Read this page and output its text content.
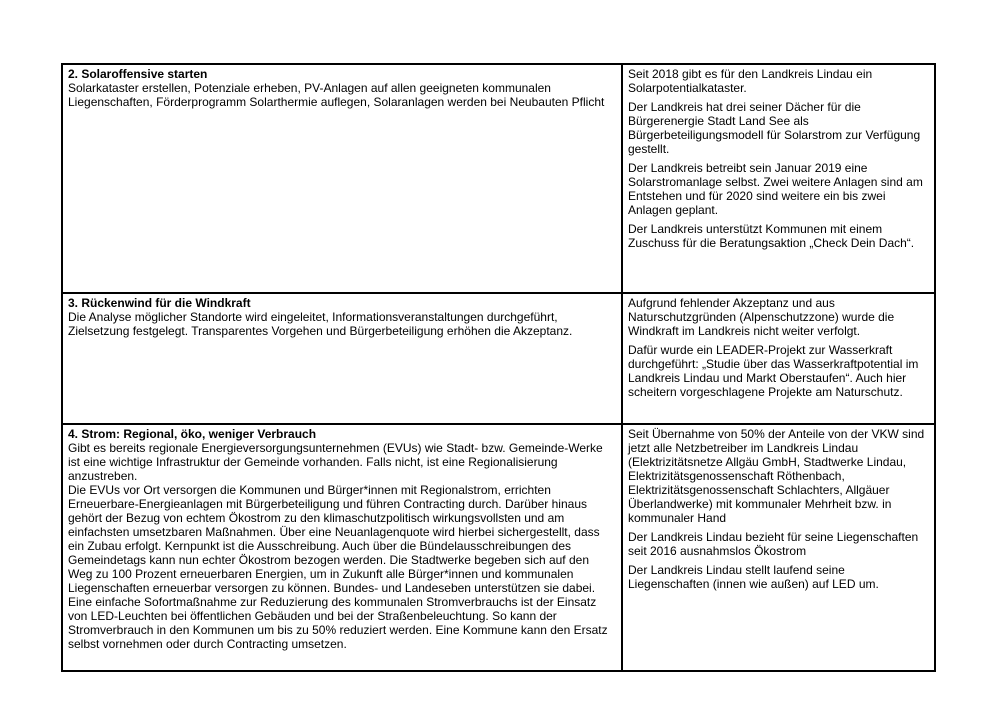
2. Solaroffensive starten

Solarkataster erstellen, Potenziale erheben, PV-Anlagen auf allen geeigneten kommunalen Liegenschaften, Förderprogramm Solarthermie auflegen, Solaranlagen werden bei Neubauten Pflicht

Seit 2018 gibt es für den Landkreis Lindau ein Solarpotentialkataster.

Der Landkreis hat drei seiner Dächer für die Bürgerenergie Stadt Land See als Bürgerbeteiligungsmodell für Solarstrom zur Verfügung gestellt.

Der Landkreis betreibt sein Januar 2019 eine Solarstromanlage selbst. Zwei weitere Anlagen sind am Entstehen und für 2020 sind weitere ein bis zwei Anlagen geplant.

Der Landkreis unterstützt Kommunen mit einem Zuschuss für die Beratungsaktion „Check Dein Dach“.

3. Rückenwind für die Windkraft

Die Analyse möglicher Standorte wird eingeleitet, Informationsveranstaltungen durchgeführt, Zielsetzung festgelegt. Transparentes Vorgehen und Bürgerbeteiligung erhöhen die Akzeptanz.

Aufgrund fehlender Akzeptanz und aus Naturschutzgründen (Alpenschutzzone) wurde die Windkraft im Landkreis nicht weiter verfolgt.

Dafür wurde ein LEADER-Projekt zur Wasserkraft durchgeführt: „Studie über das Wasserkraftpotential im Landkreis Lindau und Markt Oberstaufen“. Auch hier scheitern vorgeschlagene Projekte am Naturschutz.

4. Strom: Regional, öko, weniger Verbrauch

Gibt es bereits regionale Energieversorgungsunternehmen (EVUs) wie Stadt- bzw. Gemeinde-Werke ist eine wichtige Infrastruktur der Gemeinde vorhanden. Falls nicht, ist eine Regionalisierung anzustreben.

Die EVUs vor Ort versorgen die Kommunen und Bürger*innen mit Regionalstrom, errichten Erneuerbare-Energieanlagen mit Bürgerbeteiligung und führen Contracting durch. Darüber hinaus gehört der Bezug von echtem Ökostrom zu den klimaschutzpolitisch wirkungsvollsten und am einfachsten umsetzbaren Maßnahmen. Über eine Neuanlagenquote wird hierbei sichergestellt, dass ein Zubau erfolgt. Kernpunkt ist die Ausschreibung. Auch über die Bündelausschreibungen des Gemeindetags kann nun echter Ökostrom bezogen werden. Die Stadtwerke begeben sich auf den Weg zu 100 Prozent erneuerbaren Energien, um in Zukunft alle Bürger*innen und kommunalen Liegenschaften erneuerbar versorgen zu können. Bundes- und Landeseben unterstützen sie dabei. Eine einfache Sofortmaßnahme zur Reduzierung des kommunalen Stromverbrauchs ist der Einsatz von LED-Leuchten bei öffentlichen Gebäuden und bei der Straßenbeleuchtung. So kann der Stromverbrauch in den Kommunen um bis zu 50% reduziert werden. Eine Kommune kann den Ersatz selbst vornehmen oder durch Contracting umsetzen.

Seit Übernahme von 50% der Anteile von der VKW sind jetzt alle Netzbetreiber im Landkreis Lindau (Elektrizitätsnetze Allgäu GmbH, Stadtwerke Lindau, Elektrizitätsgenossenschaft Röthenbach, Elektrizitätsgenossenschaft Schlachters, Allgäuer Überlandwerke) mit kommunaler Mehrheit bzw. in kommunaler Hand

Der Landkreis Lindau bezieht für seine Liegenschaften seit 2016 ausnahmslos Ökostrom

Der Landkreis Lindau stellt laufend seine Liegenschaften (innen wie außen) auf LED um.
